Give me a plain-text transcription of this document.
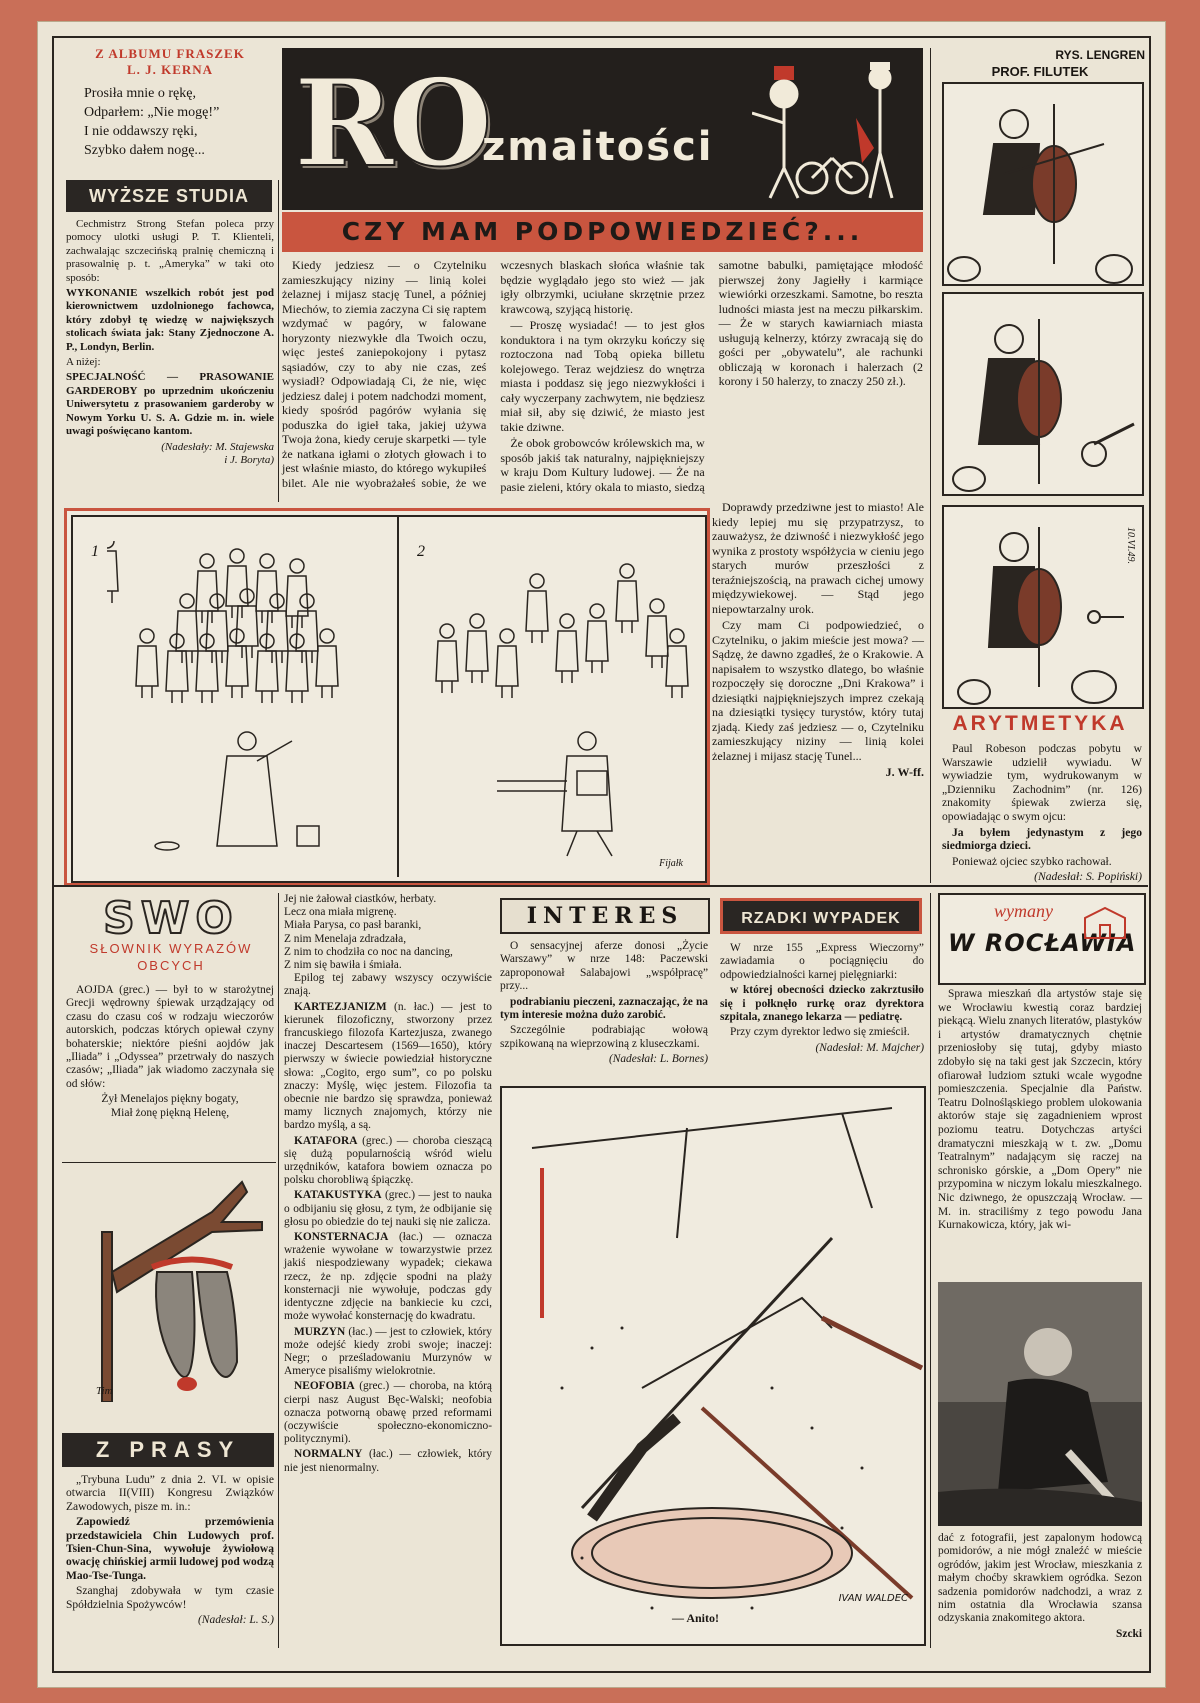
Z ALBUMU FRASZEK
L. J. KERNA
Prosiła mnie o rękę,
Odparłem: „Nie mogę!”
I nie oddawszy ręki,
Szybko dałem nogę...
WYŻSZE STUDIA

Cechmistrz Strong Stefan poleca przy pomocy ulotki usługi P. T. Klienteli, zachwalając szczecińską pralnię chemiczną i prasowalnię p. t. „Ameryka” w taki oto sposób:

WYKONANIE wszelkich robót jest pod kierownictwem uzdolnionego fachowca, który zdobył tę wiedzę w największych stolicach świata jak: Stany Zjednoczone A. P., Londyn, Berlin.

A niżej:

SPECJALNOŚĆ — PRASOWANIE GARDEROBY po uprzednim ukończeniu Uniwersytetu z prasowaniem garderoby w Nowym Yorku U. S. A. Gdzie m. in. wiele uwagi poświęcano kantom.

(Nadesłały: M. Stajewska
i J. Boryta)
RO
zmaitości
CZY MAM PODPOWIEDZIEĆ?...

Kiedy jedziesz — o Czytelniku zamieszkujący niziny — linią kolei żelaznej i mijasz stację Tunel, a później Miechów, to ziemia zaczyna Ci się raptem wzdymać w pagóry, w falowane horyzonty niezwykłe dla Twoich oczu, więc jesteś zaniepokojony i pytasz sąsiadów, czy to aby nie czas, ześ wysiadł? Odpowiadają Ci, że nie, więc jedziesz dalej i potem nadchodzi moment, kiedy spośród pagórów wyłania się poduszka do igieł taka, jakiej używa Twoja żona, kiedy ceruje skarpetki — tyle że natkana igłami o złotych głowach i to jest właśnie miasto, do którego wykupiłeś bilet. Ale nie wyobrażałeś sobie, że we wczesnych blaskach słońca właśnie tak będzie wyglądało jego sto wież — jak igły olbrzymki, uciułane skrzętnie przez krawcową, szyjącą historię.

— Proszę wysiadać! — to jest głos konduktora i na tym okrzyku kończy się roztoczona nad Tobą opieka billetu kolejowego. Teraz wejdziesz do wnętrza miasta i poddasz się jego niezwykłości i cały wyczerpany zachwytem, nie będziesz miał sił, aby się dziwić, że miasto jest takie dziwne.

Że obok grobowców królewskich ma, w sposób jakiś tak naturalny, najpiękniejszy w kraju Dom Kultury ludowej. — Że na pasie zieleni, który okala to miasto, siedzą samotne babulki, pamiętające młodość pierwszej żony Jagiełły i karmiące wiewiórki orzeszkami. Samotne, bo reszta ludności miasta jest na meczu piłkarskim. — Że w starych kawiarniach miasta usługują kelnerzy, którzy zwracają się do gości per „obywatelu”, ale rachunki obliczają w koronach i halerzach (2 korony i 50 halerzy, to znaczy 250 zł.).

Doprawdy przedziwne jest to miasto! Ale kiedy lepiej mu się przypatrzysz, to zauważysz, że dziwność i niezwykłość jego wynika z prostoty współżycia w cieniu jego starych murów przeszłości z teraźniejszością, na prawach cichej umowy międzywiekowej. — Stąd jego niepowtarzalny urok.

Czy mam Ci podpowiedzieć, o Czytelniku, o jakim mieście jest mowa? — Sądzę, że dawno zgadłeś, że o Krakowie. A napisałem to wszystko dlatego, bo właśnie rozpoczęły się doroczne „Dni Krakowa” i dziesiątki najpiękniejszych imprez czekają na dziesiątki tysięcy turystów, który tutaj zjadą. Kiedy zaś jedziesz — o, Czytelniku zamieszkujący niziny — linią kolei żelaznej i mijasz stację Tunel...

J. W-ff.
1	2
Fijałk
RYS. LENGREN
PROF. FILUTEK
10.VI.49.
ARYTMETYKA

Paul Robeson podczas pobytu w Warszawie udzielił wywiadu. W wywiadzie tym, wydrukowanym w „Dzienniku Zachodnim” (nr. 126) znakomity śpiewak zwierza się, opowiadając o swym ojcu:

Ja byłem jedynastym z jego siedmiorga dzieci.

Ponieważ ojciec szybko rachował.

(Nadesłał: S. Popiński)
SWO
SŁOWNIK WYRAZÓW OBCYCH

AOJDA (grec.) — był to w starożytnej Grecji wędrowny śpiewak urządzający od czasu do czasu coś w rodzaju wieczorów autorskich, podczas których opiewał czyny bohaterskie; niektóre pieśni aojdów jak „Iliada” i „Odyssea” przetrwały do naszych czasów; „Iliada” jak wiadomo zaczynała się od słów:

Żył Menelajos piękny bogaty,
Miał żonę piękną Helenę,
Tim
Z PRASY

„Trybuna Ludu” z dnia 2. VI. w opisie otwarcia II(VIII) Kongresu Związków Zawodowych, pisze m. in.:

Zapowiedź przemówienia przedstawiciela Chin Ludowych prof. Tsien-Chun-Sina, wywołuje żywiołową owację chińskiej armii ludowej pod wodzą Mao-Tse-Tunga.

Szanghaj zdobywała w tym czasie Spółdzielnia Spożywców!

(Nadesłał: L. S.)
Jej nie żałował ciastków, herbaty.
Lecz ona miała migrenę.
Miała Parysa, co pasł baranki,
Z nim Menelaja zdradzała,
Z nim to chodziła co noc na dancing,
Z nim się bawiła i śmiała.

Epilog tej zabawy wszyscy oczywiście znają.

KARTEZJANIZM (n. łac.) — jest to kierunek filozoficzny, stworzony przez francuskiego filozofa Kartezjusza, zwanego inaczej Descartesem (1569—1650), który pierwszy w świecie powiedział historyczne słowa: „Cogito, ergo sum”, co po polsku znaczy: Myślę, więc jestem. Filozofia ta obecnie nie bardzo się sprawdza, ponieważ mamy licznych znajomych, którzy nie bardzo myślą, a są.

KATAFORA (grec.) — choroba cieszącą się dużą popularnością wśród wielu urzędników, katafora bowiem oznacza po polsku chorobliwą śpiączkę.

KATAKUSTYKA (grec.) — jest to nauka o odbijaniu się głosu, z tym, że odbijanie się głosu po obiedzie do tej nauki się nie zalicza.

KONSTERNACJA (łac.) — oznacza wrażenie wywołane w towarzystwie przez jakiś niespodziewany wypadek; ciekawa rzecz, że np. zdjęcie spodni na plaży konsternacji nie wywołuje, podczas gdy identyczne zdjęcie na bankiecie ku czci, może wywołać konsternację do kwadratu.

MURZYN (łac.) — jest to człowiek, który może odejść kiedy zrobi swoje; inaczej: Negr; o prześladowaniu Murzynów w Ameryce pisaliśmy wielokrotnie.

NEOFOBIA (grec.) — choroba, na którą cierpi nasz August Bęc-Walski; neofobia oznacza potworną obawę przed reformami (oczywiście społeczno-ekonomiczno-politycznymi).

NORMALNY (łac.) — człowiek, który nie jest nienormalny.

INTERES

O sensacyjnej aferze donosi „Życie Warszawy” w nrze 148: Paczewski zaproponował Salabajowi „współpracę” przy...

podrabianiu pieczeni, zaznaczając, że na tym interesie można dużo zarobić.

Szczególnie podrabiając wołową szpikowaną na wieprzowiną z kluseczkami.

(Nadesłał: L. Bornes)
RZADKI WYPADEK

W nrze 155 „Express Wieczorny” zawiadamia o pociągnięciu do odpowiedzialności karnej pielęgniarki:

w której obecności dziecko zakrztusiło się i połknęło rurkę oraz dyrektora szpitala, znanego lekarza — pediatrę.

Przy czym dyrektor ledwo się zmieścił.

(Nadesłał: M. Majcher)
— Anito!
IVAN WALDEC
wymany
W ROCŁAWIA

Sprawa mieszkań dla artystów staje się we Wrocławiu kwestią coraz bardziej piekącą. Wielu znanych literatów, plastyków i artystów dramatycznych chętnie przeniosłoby się tutaj, gdyby miasto zdobyło się na taki gest jak Szczecin, który ofiarował ludziom sztuki wcale wygodne pomieszczenia. Specjalnie dla Państw. Teatru Dolnośląskiego problem ulokowania aktorów staje się zagadnieniem wprost poziomu teatru. Dotychczas artyści dramatyczni mieszkają w t. zw. „Domu Teatralnym” nadającym się raczej na schronisko górskie, a „Dom Opery” nie przypomina w niczym lokalu mieszkalnego. Nic dziwnego, że opuszczają Wrocław. — M. in. straciliśmy z tego powodu Jana Kurnakowicza, który, jak wi-

dać z fotografii, jest zapalonym hodowcą pomidorów, a nie mógł znaleźć w mieście ogródów, jakim jest Wrocław, mieszkania z małym choćby skrawkiem ogródka. Sezon sadzenia pomidorów nadchodzi, a wraz z nim ostatnia dla Wrocławia szansa odzyskania znakomitego aktora.

Szcki
